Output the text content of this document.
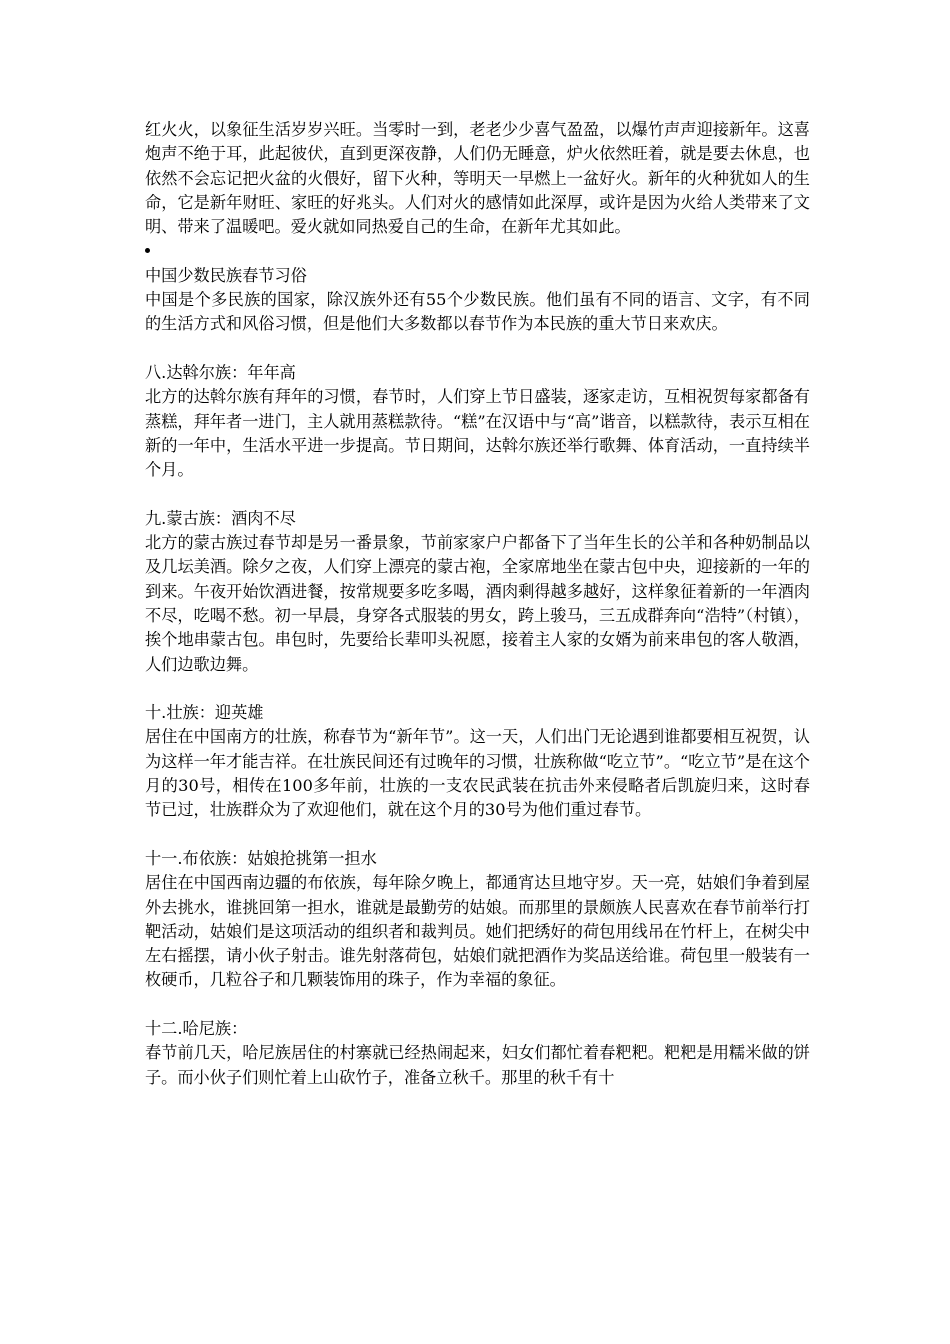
红火火，以象征生活岁岁兴旺。当零时一到，老老少少喜气盈盈，以爆竹声声迎接新年。这喜炮声不绝于耳，此起彼伏，直到更深夜静，人们仍无睡意，炉火依然旺着，就是要去休息，也依然不会忘记把火盆的火偎好，留下火种，等明天一早燃上一盆好火。新年的火种犹如人的生命，它是新年财旺、家旺的好兆头。人们对火的感情如此深厚，或许是因为火给人类带来了文明、带来了温暖吧。爱火就如同热爱自己的生命，在新年尤其如此。

中国少数民族春节习俗

中国是个多民族的国家，除汉族外还有55个少数民族。他们虽有不同的语言、文字，有不同的生活方式和风俗习惯，但是他们大多数都以春节作为本民族的重大节日来欢庆。

八.达斡尔族：年年高

北方的达斡尔族有拜年的习惯，春节时，人们穿上节日盛装，逐家走访，互相祝贺每家都备有蒸糕，拜年者一进门，主人就用蒸糕款待。“糕”在汉语中与“高”谐音，以糕款待，表示互相在新的一年中，生活水平进一步提高。节日期间，达斡尔族还举行歌舞、体育活动，一直持续半个月。

九.蒙古族：酒肉不尽

北方的蒙古族过春节却是另一番景象，节前家家户户都备下了当年生长的公羊和各种奶制品以及几坛美酒。除夕之夜，人们穿上漂亮的蒙古袍，全家席地坐在蒙古包中央，迎接新的一年的到来。午夜开始饮酒进餐，按常规要多吃多喝，酒肉剩得越多越好，这样象征着新的一年酒肉不尽，吃喝不愁。初一早晨，身穿各式服装的男女，跨上骏马，三五成群奔向“浩特”（村镇），挨个地串蒙古包。串包时，先要给长辈叩头祝愿，接着主人家的女婿为前来串包的客人敬酒，人们边歌边舞。

十.壮族：迎英雄

居住在中国南方的壮族，称春节为“新年节”。这一天，人们出门无论遇到谁都要相互祝贺，认为这样一年才能吉祥。在壮族民间还有过晚年的习惯，壮族称做“吃立节”。“吃立节”是在这个月的30号，相传在100多年前，壮族的一支农民武装在抗击外来侵略者后凯旋归来，这时春节已过，壮族群众为了欢迎他们，就在这个月的30号为他们重过春节。

十一.布依族：姑娘抢挑第一担水

居住在中国西南边疆的布依族，每年除夕晚上，都通宵达旦地守岁。天一亮，姑娘们争着到屋外去挑水，谁挑回第一担水，谁就是最勤劳的姑娘。而那里的景颇族人民喜欢在春节前举行打靶活动，姑娘们是这项活动的组织者和裁判员。她们把绣好的荷包用线吊在竹杆上，在树尖中左右摇摆，请小伙子射击。谁先射落荷包，姑娘们就把酒作为奖品送给谁。荷包里一般装有一枚硬币，几粒谷子和几颗装饰用的珠子，作为幸福的象征。

十二.哈尼族：

春节前几天，哈尼族居住的村寨就已经热闹起来，妇女们都忙着春粑粑。粑粑是用糯米做的饼子。而小伙子们则忙着上山砍竹子，准备立秋千。那里的秋千有十
